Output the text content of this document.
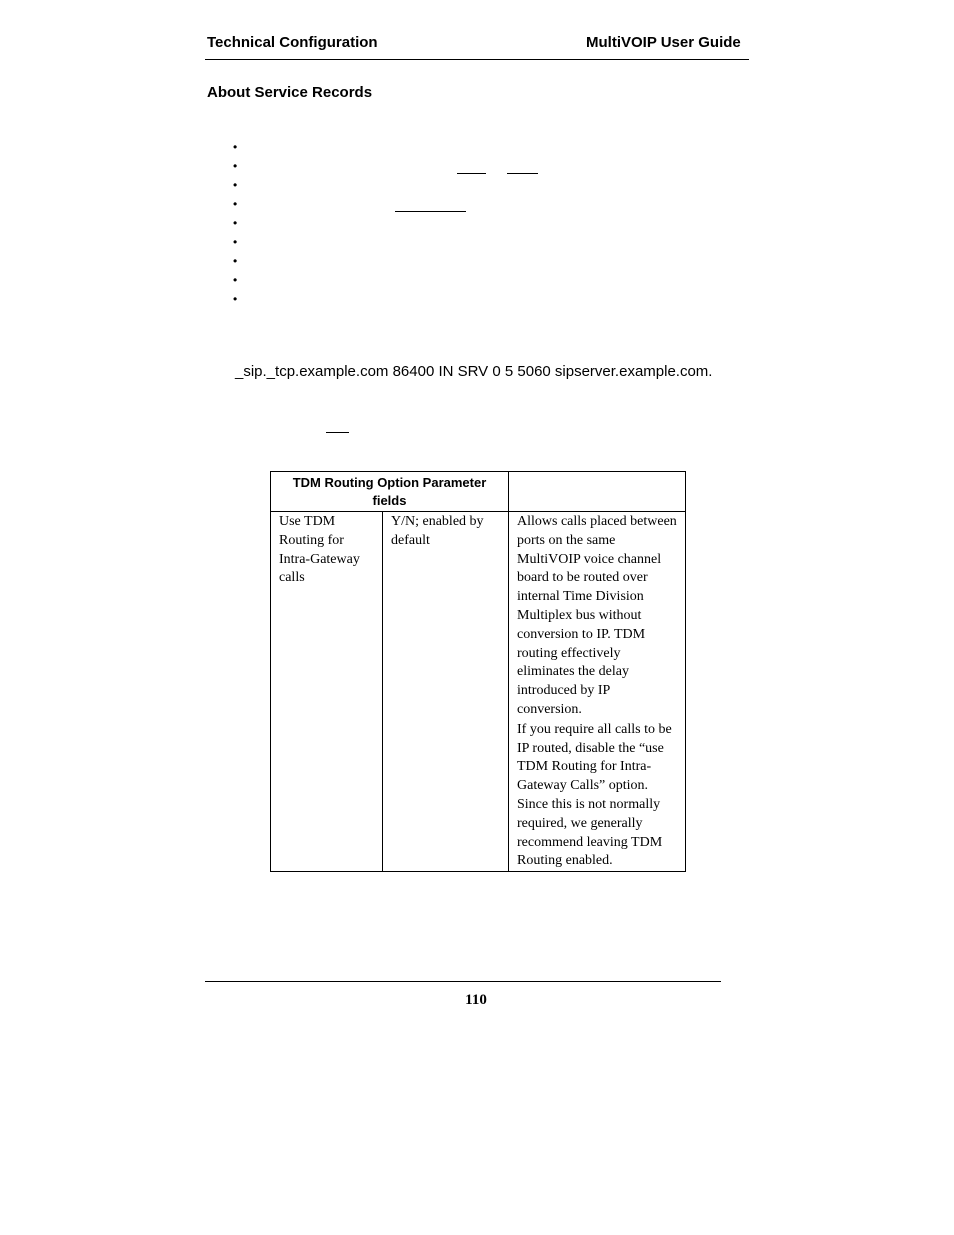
Technical Configuration	MultiVOIP User Guide
About Service Records
•
•
•
•
•
•
•
•
•
_sip._tcp.example.com 86400 IN SRV 0 5 5060 sipserver.example.com.
TDM Routing Option Parameter fields		

Use TDM Routing for Intra-Gateway calls	Y/N; enabled by default	Allows calls placed between ports on the same MultiVOIP voice channel board to be routed over internal Time Division Multiplex bus without conversion to IP. TDM routing effectively eliminates the delay introduced by IP conversion.

If you require all calls to be IP routed, disable the “use TDM Routing for Intra-Gateway Calls” option. Since this is not normally required, we generally recommend leaving TDM Routing enabled.

110
